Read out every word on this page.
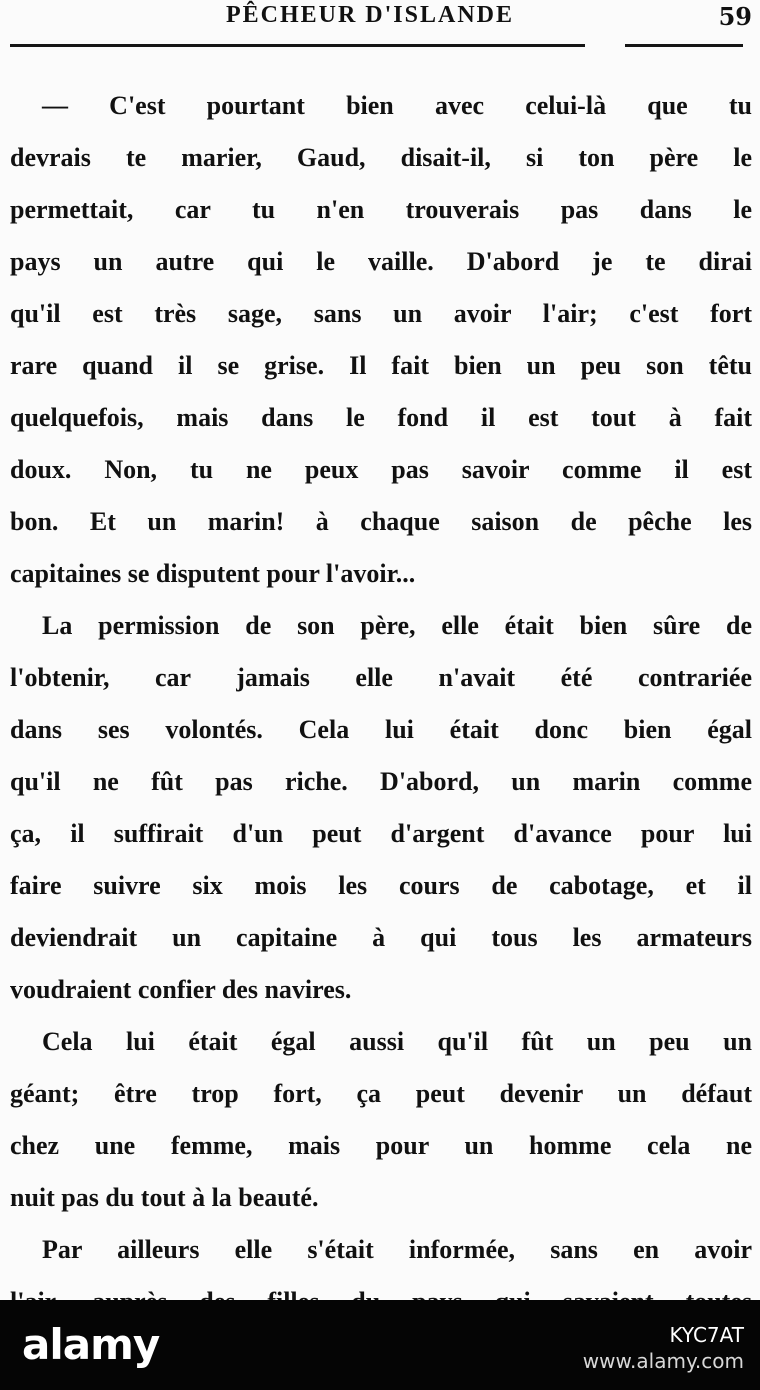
PÊCHEUR D'ISLANDE	59
— C'est pourtant bien avec celui-là que tu
devrais te marier, Gaud, disait-il, si ton père le
permettait, car tu n'en trouverais pas dans le
pays un autre qui le vaille. D'abord je te dirai
qu'il est très sage, sans un avoir l'air; c'est fort
rare quand il se grise. Il fait bien un peu son têtu
quelquefois, mais dans le fond il est tout à fait
doux. Non, tu ne peux pas savoir comme il est
bon. Et un marin! à chaque saison de pêche les
capitaines se disputent pour l'avoir...
La permission de son père, elle était bien sûre de
l'obtenir, car jamais elle n'avait été contrariée
dans ses volontés. Cela lui était donc bien égal
qu'il ne fût pas riche. D'abord, un marin comme
ça, il suffirait d'un peut d'argent d'avance pour lui
faire suivre six mois les cours de cabotage, et il
deviendrait un capitaine à qui tous les armateurs
voudraient confier des navires.
Cela lui était égal aussi qu'il fût un peu un
géant; être trop fort, ça peut devenir un défaut
chez une femme, mais pour un homme cela ne
nuit pas du tout à la beauté.
Par ailleurs elle s'était informée, sans en avoir
alamy	KYC7AT
www.alamy.com
